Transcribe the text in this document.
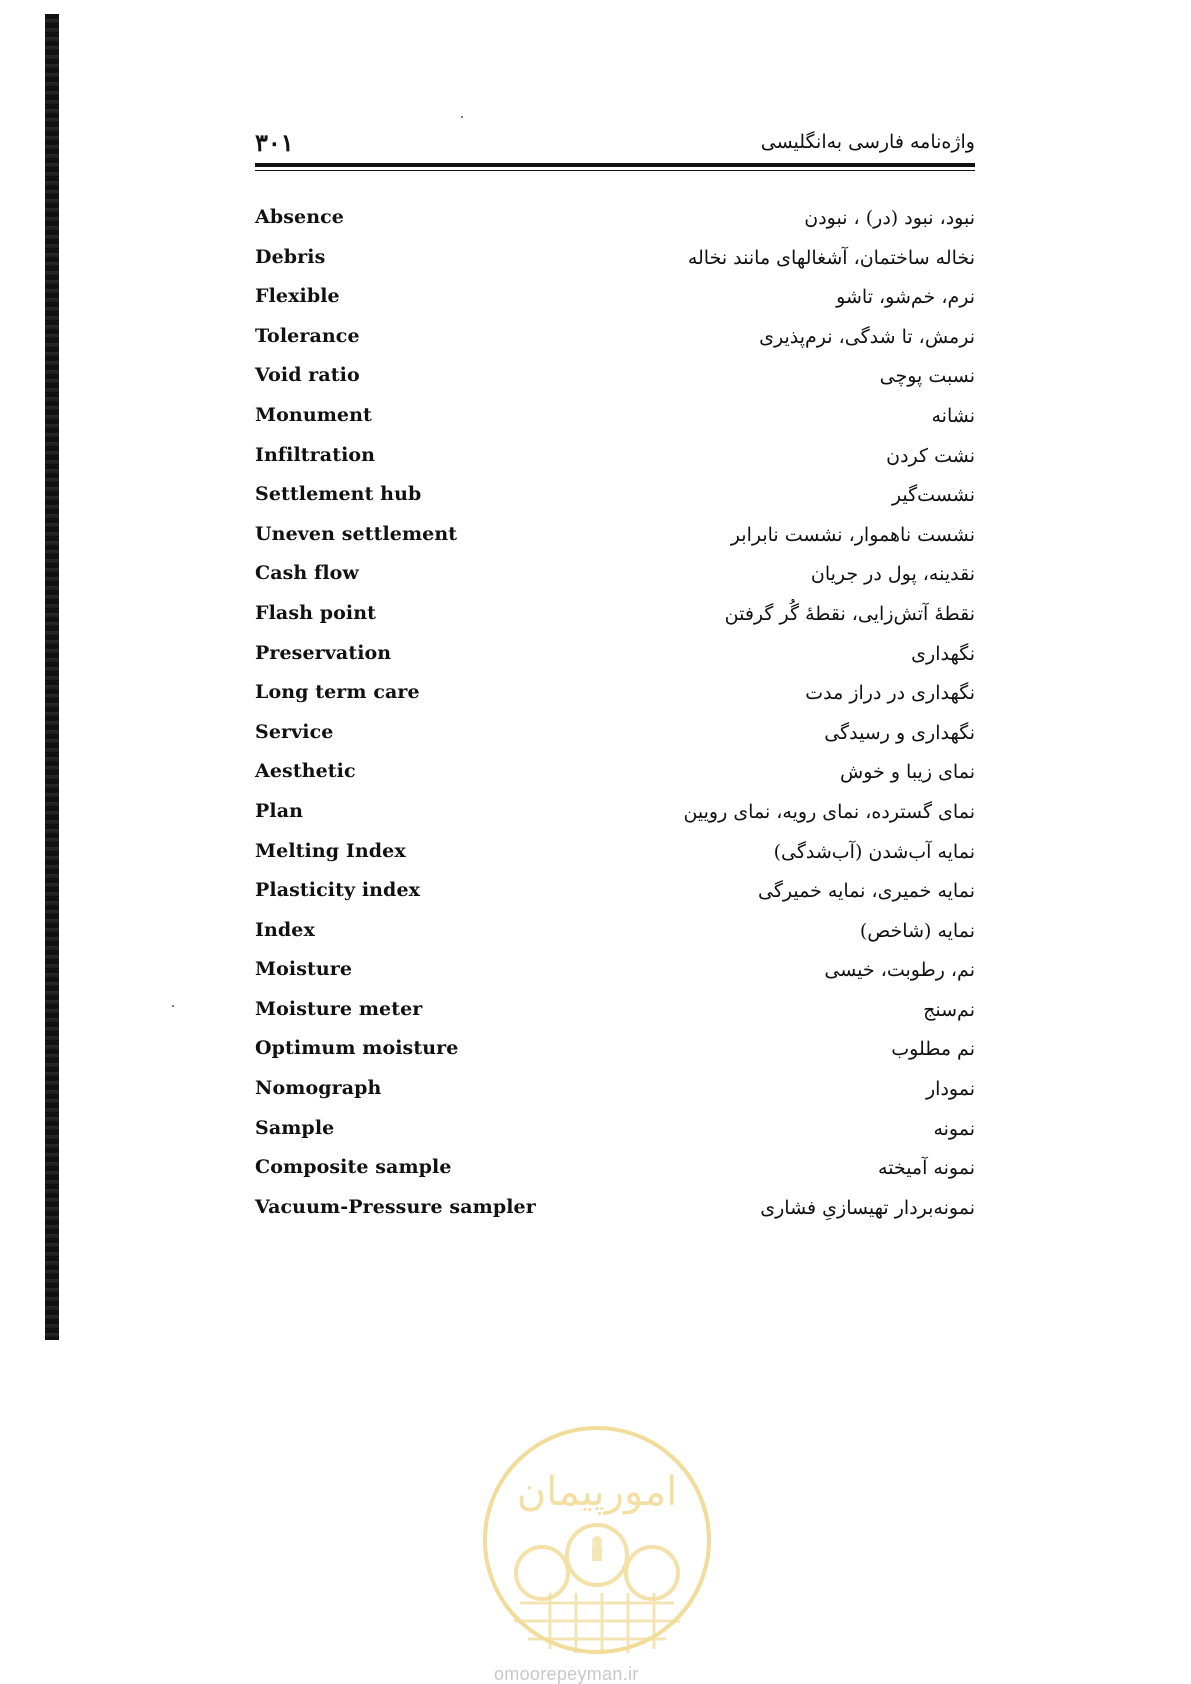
۳۰۱	واژه‌نامه فارسی به‌انگلیسی
Absence	نبود، نبود (در) ، نبودن
Debris	نخاله ساختمان، آشغالهای مانند نخاله
Flexible	نرم، خم‌شو، تاشو
Tolerance	نرمش، تا شدگی، نرم‌پذیری
Void ratio	نسبت پوچی
Monument	نشانه
Infiltration	نشت کردن
Settlement hub	نشست‌گیر
Uneven settlement	نشست ناهموار، نشست نابرابر
Cash flow	نقدینه، پول در جریان
Flash point	نقطهٔ آتش‌زایی، نقطهٔ گُر گرفتن
Preservation	نگهداری
Long term care	نگهداری در دراز مدت
Service	نگهداری و رسیدگی
Aesthetic	نمای زیبا و خوش
Plan	نمای گسترده، نمای رویه، نمای رویین
Melting Index	نمایه آب‌شدن (آب‌شدگی)
Plasticity index	نمایه خمیری، نمایه خمیرگی
Index	نمایه (شاخص)
Moisture	نم، رطوبت، خیسی
Moisture meter	نم‌سنج
Optimum moisture	نم مطلوب
Nomograph	نمودار
Sample	نمونه
Composite sample	نمونه آمیخته
Vacuum-Pressure sampler	نمونه‌بردار تهیسازیِ فشاری
امورپیمان
omoorepeyman.ir
